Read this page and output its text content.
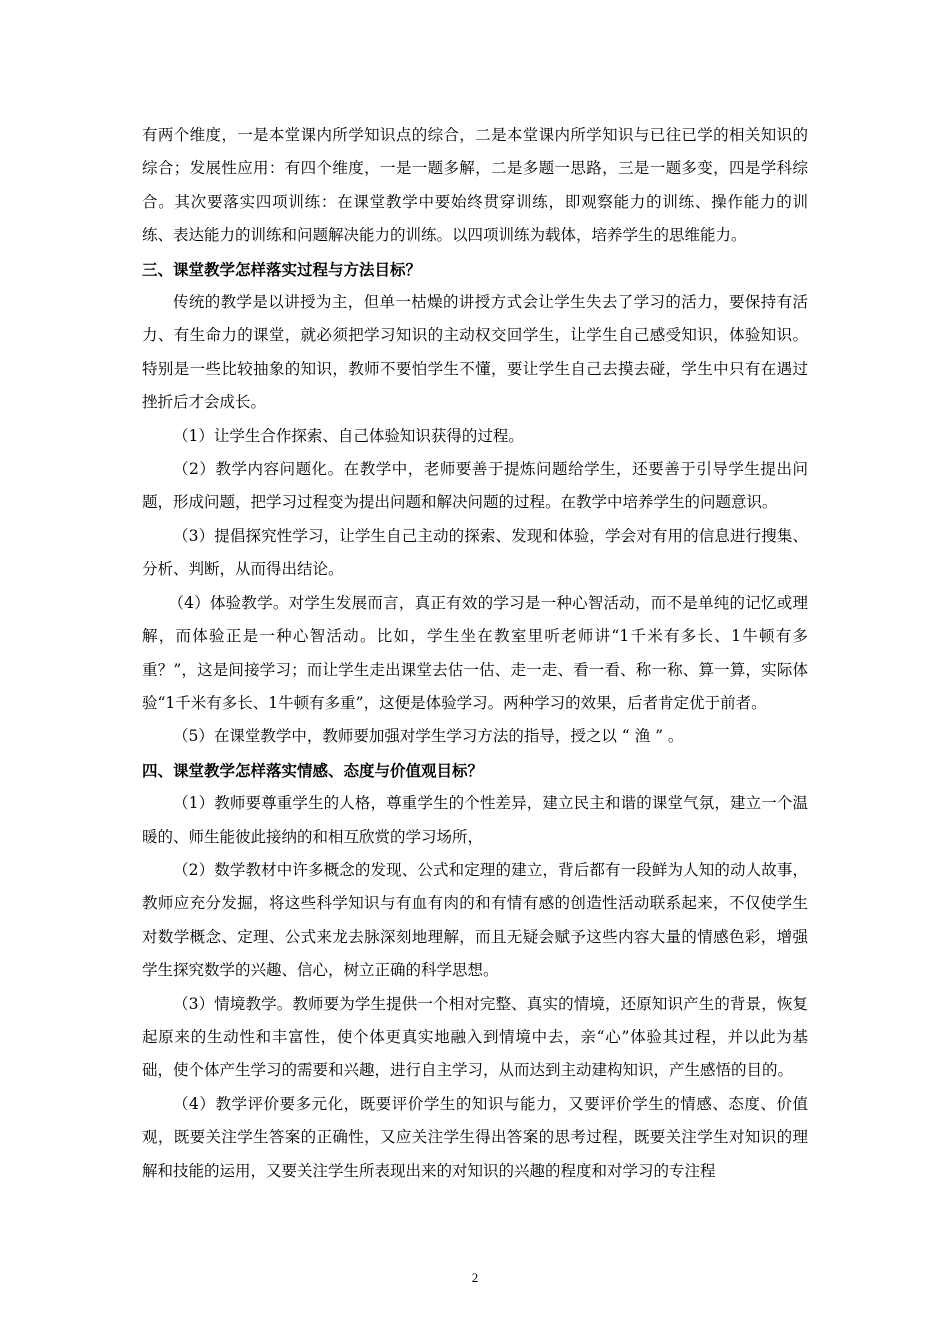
有两个维度，一是本堂课内所学知识点的综合，二是本堂课内所学知识与已往已学的相关知识的综合；发展性应用：有四个维度，一是一题多解，二是多题一思路，三是一题多变，四是学科综合。其次要落实四项训练：在课堂教学中要始终贯穿训练，即观察能力的训练、操作能力的训练、表达能力的训练和问题解决能力的训练。以四项训练为载体，培养学生的思维能力。

三、课堂教学怎样落实过程与方法目标？

传统的教学是以讲授为主，但单一枯燥的讲授方式会让学生失去了学习的活力，要保持有活力、有生命力的课堂，就必须把学习知识的主动权交回学生，让学生自己感受知识，体验知识。特别是一些比较抽象的知识，教师不要怕学生不懂，要让学生自己去摸去碰，学生中只有在遇过挫折后才会成长。

（1）让学生合作探索、自己体验知识获得的过程。

（2）教学内容问题化。在教学中，老师要善于提炼问题给学生，还要善于引导学生提出问题，形成问题，把学习过程变为提出问题和解决问题的过程。在教学中培养学生的问题意识。

（3）提倡探究性学习，让学生自己主动的探索、发现和体验，学会对有用的信息进行搜集、分析、判断，从而得出结论。

（4）体验教学。对学生发展而言，真正有效的学习是一种心智活动，而不是单纯的记忆或理解，而体验正是一种心智活动。比如，学生坐在教室里听老师讲“1千米有多长、1牛顿有多重？”，这是间接学习；而让学生走出课堂去估一估、走一走、看一看、称一称、算一算，实际体验“1千米有多长、1牛顿有多重”，这便是体验学习。两种学习的效果，后者肯定优于前者。

（5）在课堂教学中，教师要加强对学生学习方法的指导，授之以 “ 渔 ” 。

四、课堂教学怎样落实情感、态度与价值观目标？

（1）教师要尊重学生的人格，尊重学生的个性差异，建立民主和谐的课堂气氛，建立一个温暖的、师生能彼此接纳的和相互欣赏的学习场所，

（2）数学教材中许多概念的发现、公式和定理的建立，背后都有一段鲜为人知的动人故事，教师应充分发掘，将这些科学知识与有血有肉的和有情有感的创造性活动联系起来，不仅使学生对数学概念、定理、公式来龙去脉深刻地理解，而且无疑会赋予这些内容大量的情感色彩，增强学生探究数学的兴趣、信心，树立正确的科学思想。

（3）情境教学。教师要为学生提供一个相对完整、真实的情境，还原知识产生的背景，恢复起原来的生动性和丰富性，使个体更真实地融入到情境中去，亲“心”体验其过程，并以此为基础，使个体产生学习的需要和兴趣，进行自主学习，从而达到主动建构知识，产生感悟的目的。

（4）教学评价要多元化，既要评价学生的知识与能力，又要评价学生的情感、态度、价值观，既要关注学生答案的正确性，又应关注学生得出答案的思考过程，既要关注学生对知识的理解和技能的运用，又要关注学生所表现出来的对知识的兴趣的程度和对学习的专注程

2
